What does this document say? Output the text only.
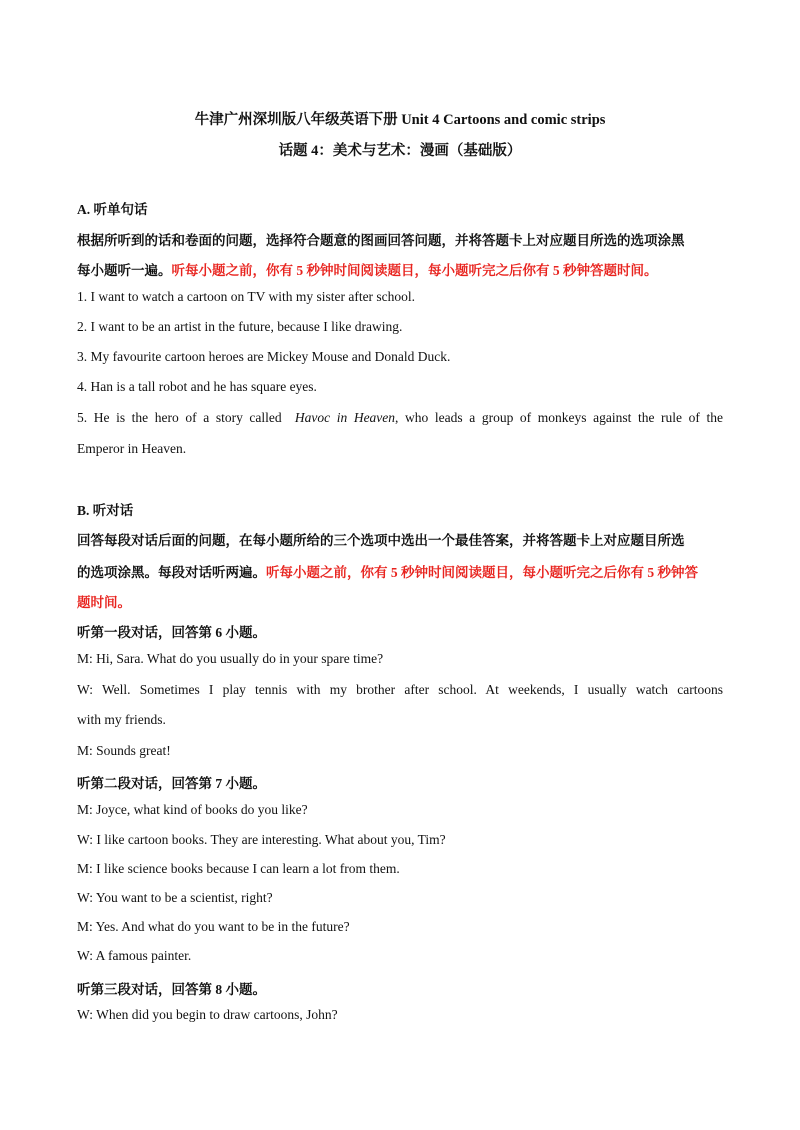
牛津广州深圳版八年级英语下册 Unit 4 Cartoons and comic strips
话题 4：美术与艺术：漫画（基础版）
A. 听单句话
根据所听到的话和卷面的问题，选择符合题意的图画回答问题，并将答题卡上对应题目所选的选项涂黑
每小题听一遍。听每小题之前，你有 5 秒钟时间阅读题目，每小题听完之后你有 5 秒钟答题时间。
1. I want to watch a cartoon on TV with my sister after school.
2. I want to be an artist in the future, because I like drawing.
3. My favourite cartoon heroes are Mickey Mouse and Donald Duck.
4. Han is a tall robot and he has square eyes.
5. He is the hero of a story called Havoc in Heaven, who leads a group of monkeys against the rule of the
Emperor in Heaven.
B. 听对话
回答每段对话后面的问题，在每小题所给的三个选项中选出一个最佳答案，并将答题卡上对应题目所选
的选项涂黑。每段对话听两遍。听每小题之前，你有 5 秒钟时间阅读题目，每小题听完之后你有 5 秒钟答
题时间。
听第一段对话，回答第 6 小题。
M: Hi, Sara. What do you usually do in your spare time?
W: Well. Sometimes I play tennis with my brother after school. At weekends, I usually watch cartoons
with my friends.
M: Sounds great!
听第二段对话，回答第 7 小题。
M: Joyce, what kind of books do you like?
W: I like cartoon books. They are interesting. What about you, Tim?
M: I like science books because I can learn a lot from them.
W: You want to be a scientist, right?
M: Yes. And what do you want to be in the future?
W: A famous painter.
听第三段对话，回答第 8 小题。
W: When did you begin to draw cartoons, John?
